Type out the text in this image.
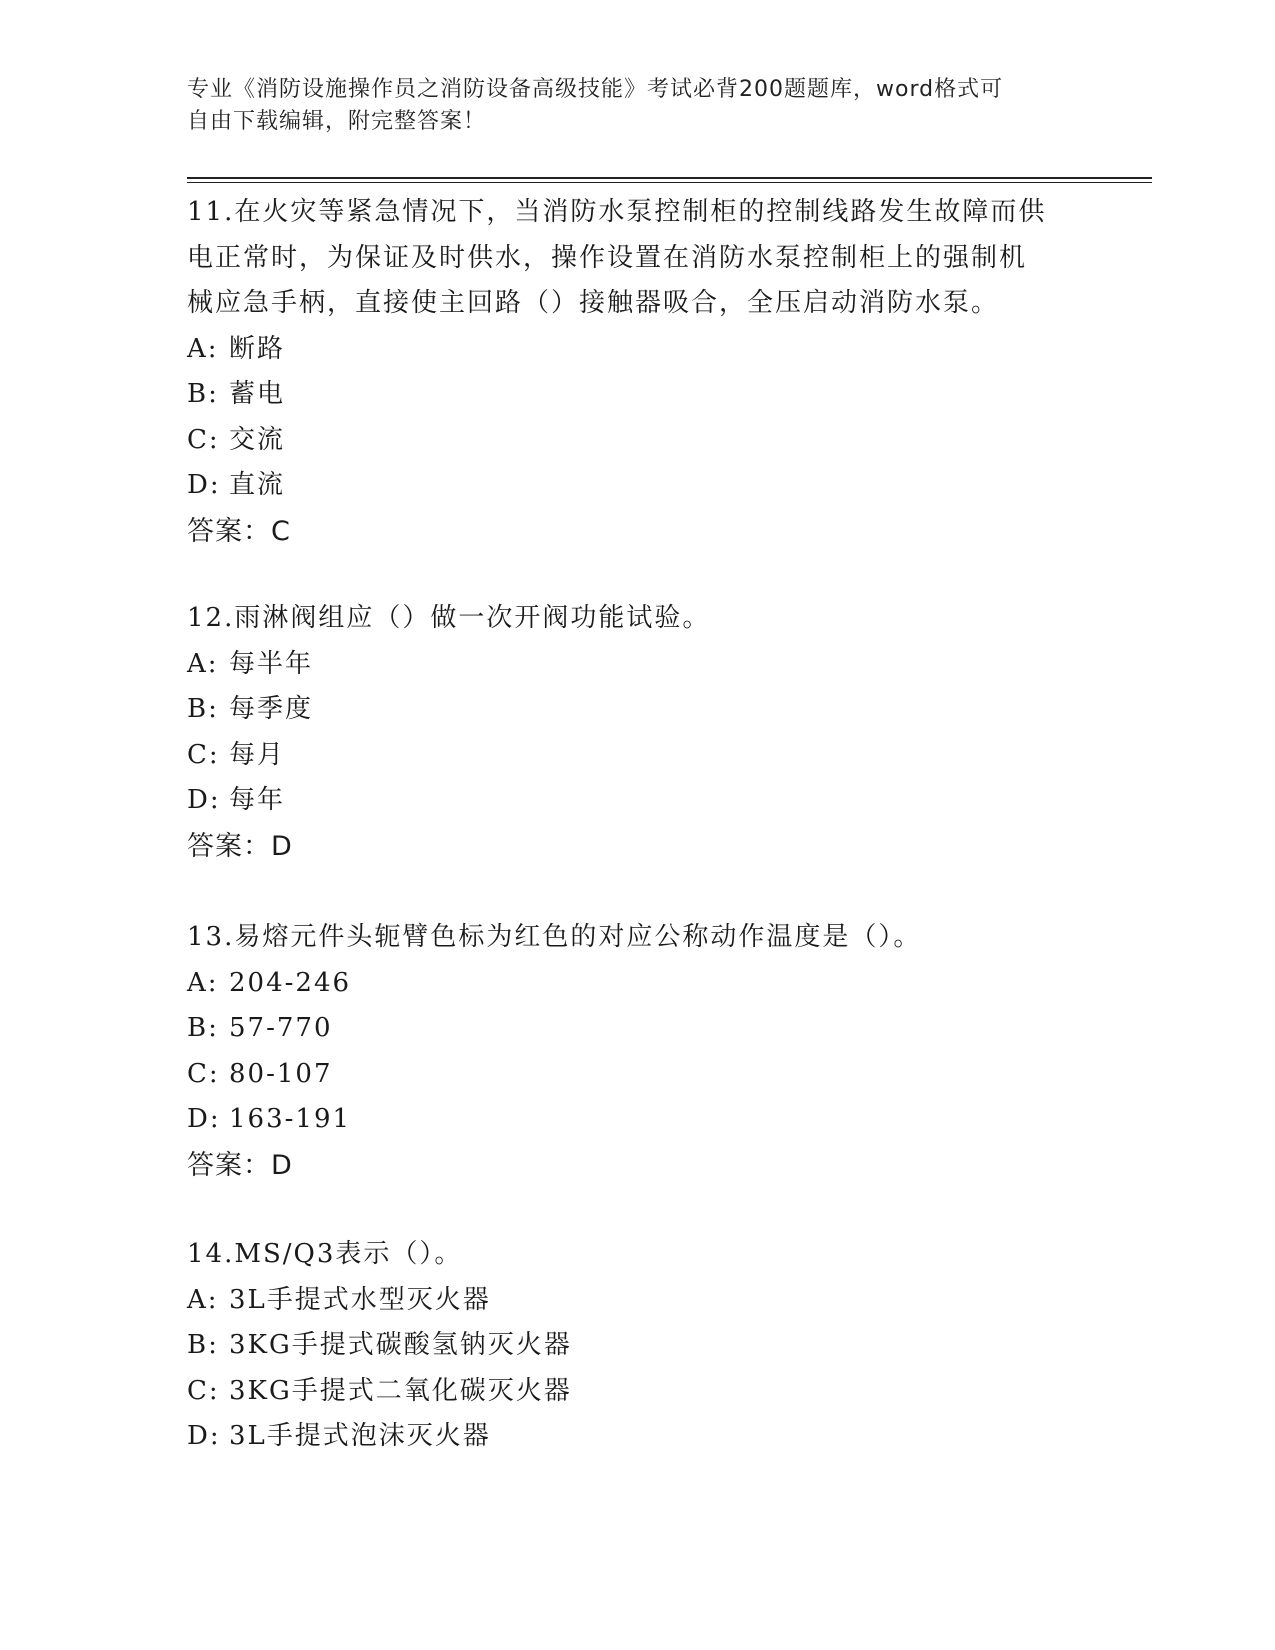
专业《消防设施操作员之消防设备高级技能》考试必背200题题库，word格式可
自由下载编辑，附完整答案！
11.在火灾等紧急情况下，当消防水泵控制柜的控制线路发生故障而供
电正常时，为保证及时供水，操作设置在消防水泵控制柜上的强制机
械应急手柄，直接使主回路（）接触器吸合，全压启动消防水泵。
A: 断路
B: 蓄电
C: 交流
D: 直流
答案：C
12.雨淋阀组应（）做一次开阀功能试验。
A: 每半年
B: 每季度
C: 每月
D: 每年
答案：D
13.易熔元件头轭臂色标为红色的对应公称动作温度是（）。
A: 204-246
B: 57-770
C: 80-107
D: 163-191
答案：D
14.MS/Q3表示（）。
A: 3L手提式水型灭火器
B: 3KG手提式碳酸氢钠灭火器
C: 3KG手提式二氧化碳灭火器
D: 3L手提式泡沫灭火器
